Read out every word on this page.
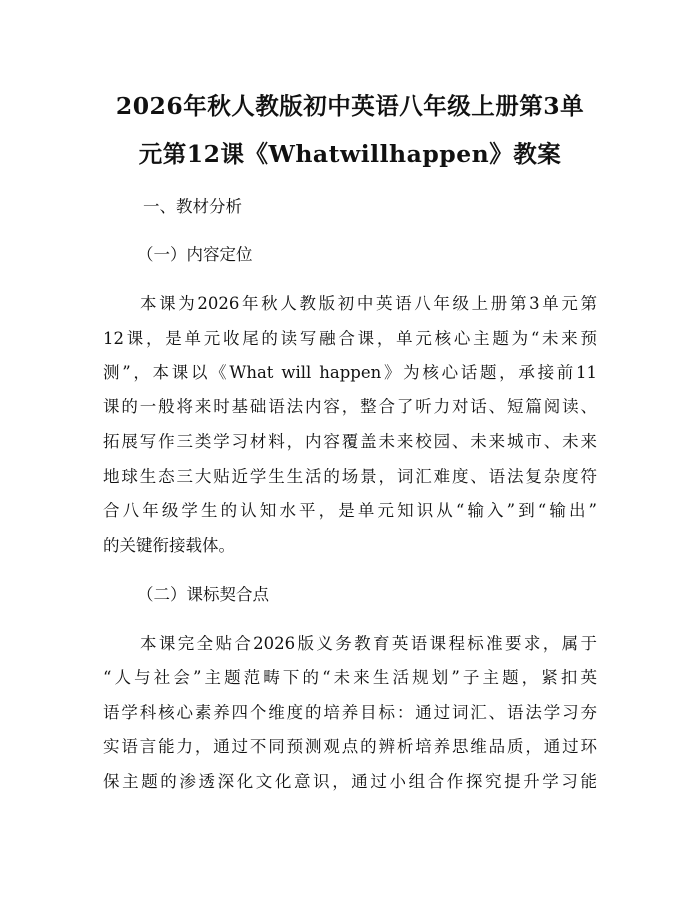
2026年秋人教版初中英语八年级上册第3单
元第12课《Whatwillhappen》教案
一、教材分析
（一）内容定位
本课为2026年秋人教版初中英语八年级上册第3单元第
12课，是单元收尾的读写融合课，单元核心主题为“未来预
测”，本课以《What will happen》为核心话题，承接前11
课的一般将来时基础语法内容，整合了听力对话、短篇阅读、
拓展写作三类学习材料，内容覆盖未来校园、未来城市、未来
地球生态三大贴近学生生活的场景，词汇难度、语法复杂度符
合八年级学生的认知水平，是单元知识从“输入”到“输出”
的关键衔接载体。
（二）课标契合点
本课完全贴合2026版义务教育英语课程标准要求，属于
“人与社会”主题范畴下的“未来生活规划”子主题，紧扣英
语学科核心素养四个维度的培养目标：通过词汇、语法学习夯
实语言能力，通过不同预测观点的辨析培养思维品质，通过环
保主题的渗透深化文化意识，通过小组合作探究提升学习能
